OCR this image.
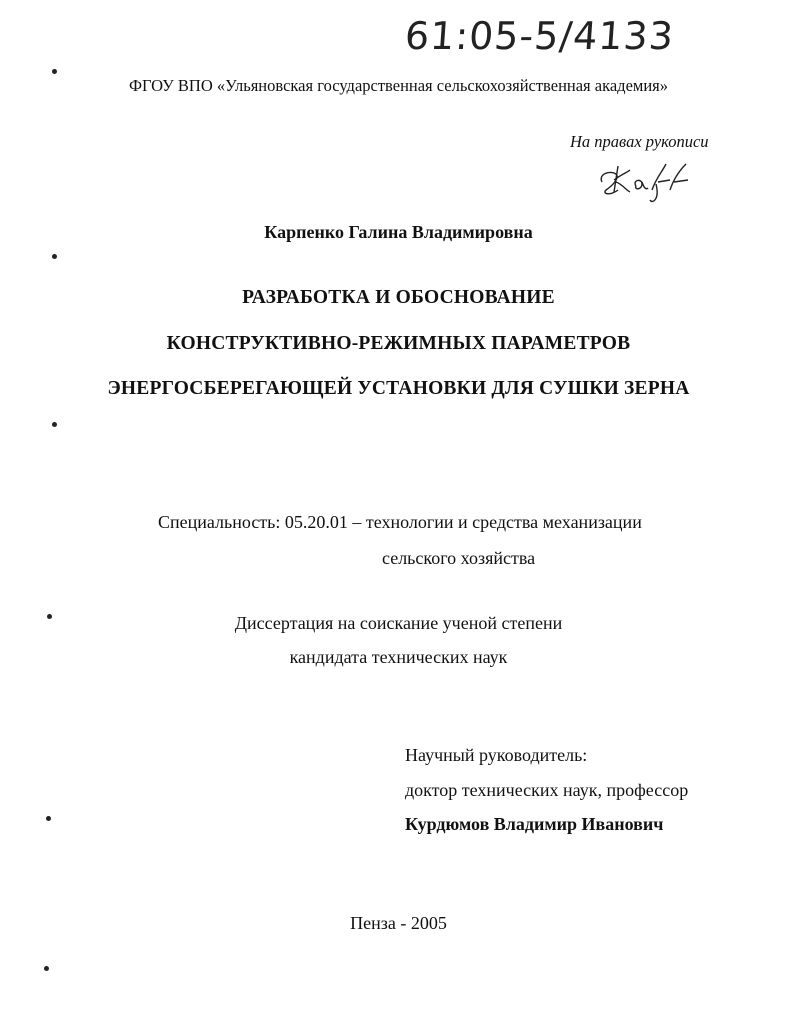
61:05-5/4133
ФГОУ ВПО «Ульяновская государственная сельскохозяйственная академия»
На правах рукописи
Карпенко Галина Владимировна
РАЗРАБОТКА И ОБОСНОВАНИЕ
КОНСТРУКТИВНО-РЕЖИМНЫХ ПАРАМЕТРОВ
ЭНЕРГОСБЕРЕГАЮЩЕЙ УСТАНОВКИ ДЛЯ СУШКИ ЗЕРНА
Специальность: 05.20.01 – технологии и средства механизации
сельского хозяйства
Диссертация на соискание ученой степени
кандидата технических наук
Научный руководитель:
доктор технических наук, профессор
Курдюмов Владимир Иванович
Пенза - 2005
